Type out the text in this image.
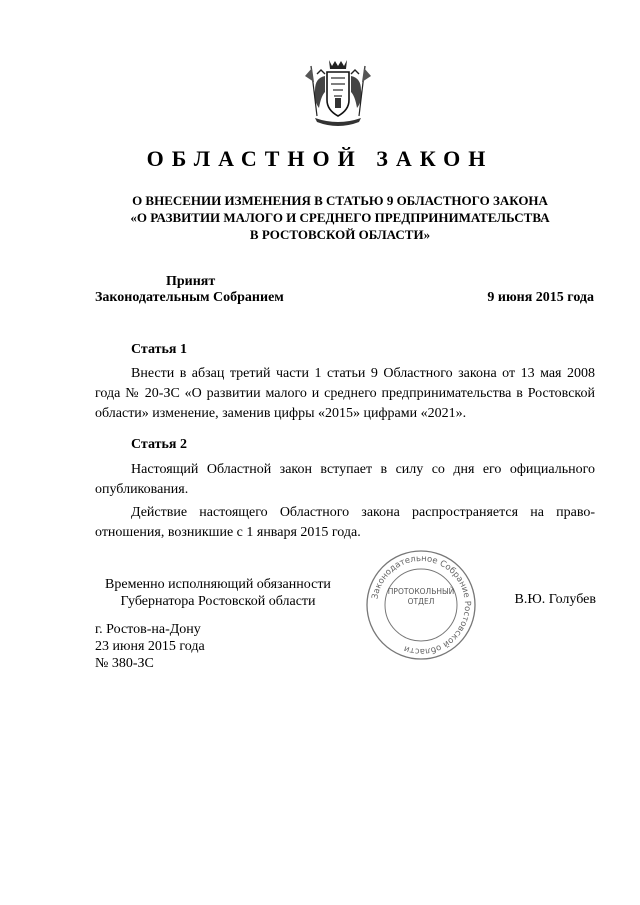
ОБЛАСТНОЙ ЗАКОН
О ВНЕСЕНИИ ИЗМЕНЕНИЯ В СТАТЬЮ 9 ОБЛАСТНОГО ЗАКОНА
«О РАЗВИТИИ МАЛОГО И СРЕДНЕГО ПРЕДПРИНИМАТЕЛЬСТВА
В РОСТОВСКОЙ ОБЛАСТИ»
Принят
Законодательным Собранием	9 июня 2015 года
Статья 1
Внести в абзац третий части 1 статьи 9 Областного закона от 13 мая 2008 года № 20-ЗС «О развитии малого и среднего предпринимательства в Ростовской области» изменение, заменив цифры «2015» цифрами «2021».
Статья 2
Настоящий Областной закон вступает в силу со дня его официального опубликования.
Действие настоящего Областного закона распространяется на право-отношения, возникшие с 1 января 2015 года.
Временно исполняющий обязанности
Губернатора Ростовской области	Законодательное Собрание Ростовской области
ПРОТОКОЛЬНЫЙ
ОТДЕЛ	В.Ю. Голубев
г. Ростов-на-Дону
23 июня 2015 года
№ 380-ЗС
